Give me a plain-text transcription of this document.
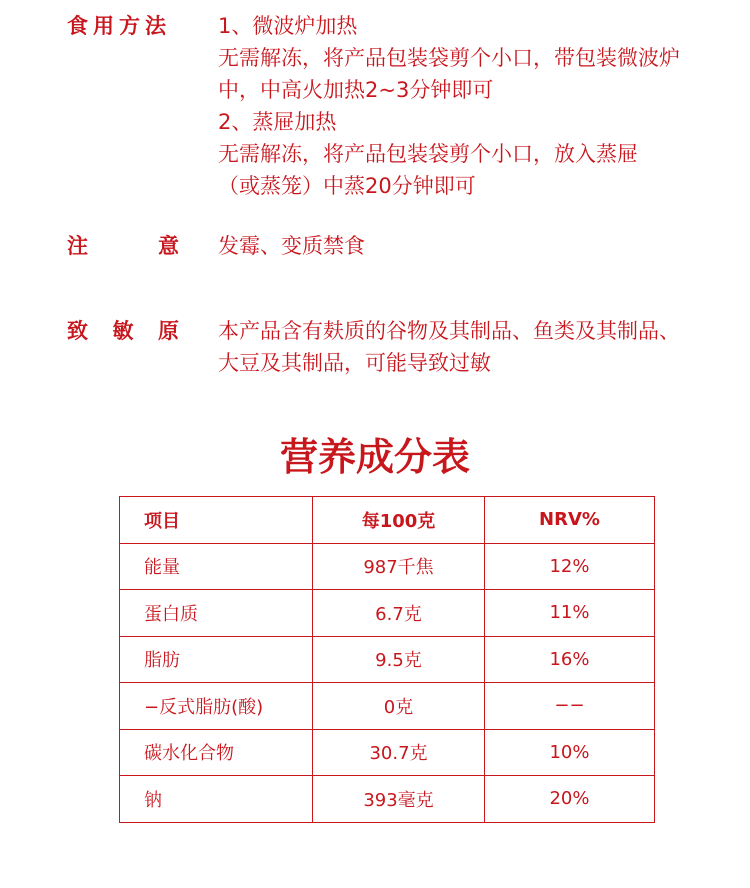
食用方法 1、微波炉加热
无需解冻，将产品包装袋剪个小口，带包装微波炉
中，中高火加热2~3分钟即可
2、蒸屉加热
无需解冻，将产品包装袋剪个小口，放入蒸屉
（或蒸笼）中蒸20分钟即可
注	意 发霉、变质禁食
致 敏 原 本产品含有麸质的谷物及其制品、鱼类及其制品、
大豆及其制品，可能导致过敏
营养成分表
项目	每100克	NRV%
能量	987千焦	12%
蛋白质	6.7克	11%
脂肪	9.5克	16%
−反式脂肪(酸)	0克	−−
碳水化合物	30.7克	10%
钠	393毫克	20%
